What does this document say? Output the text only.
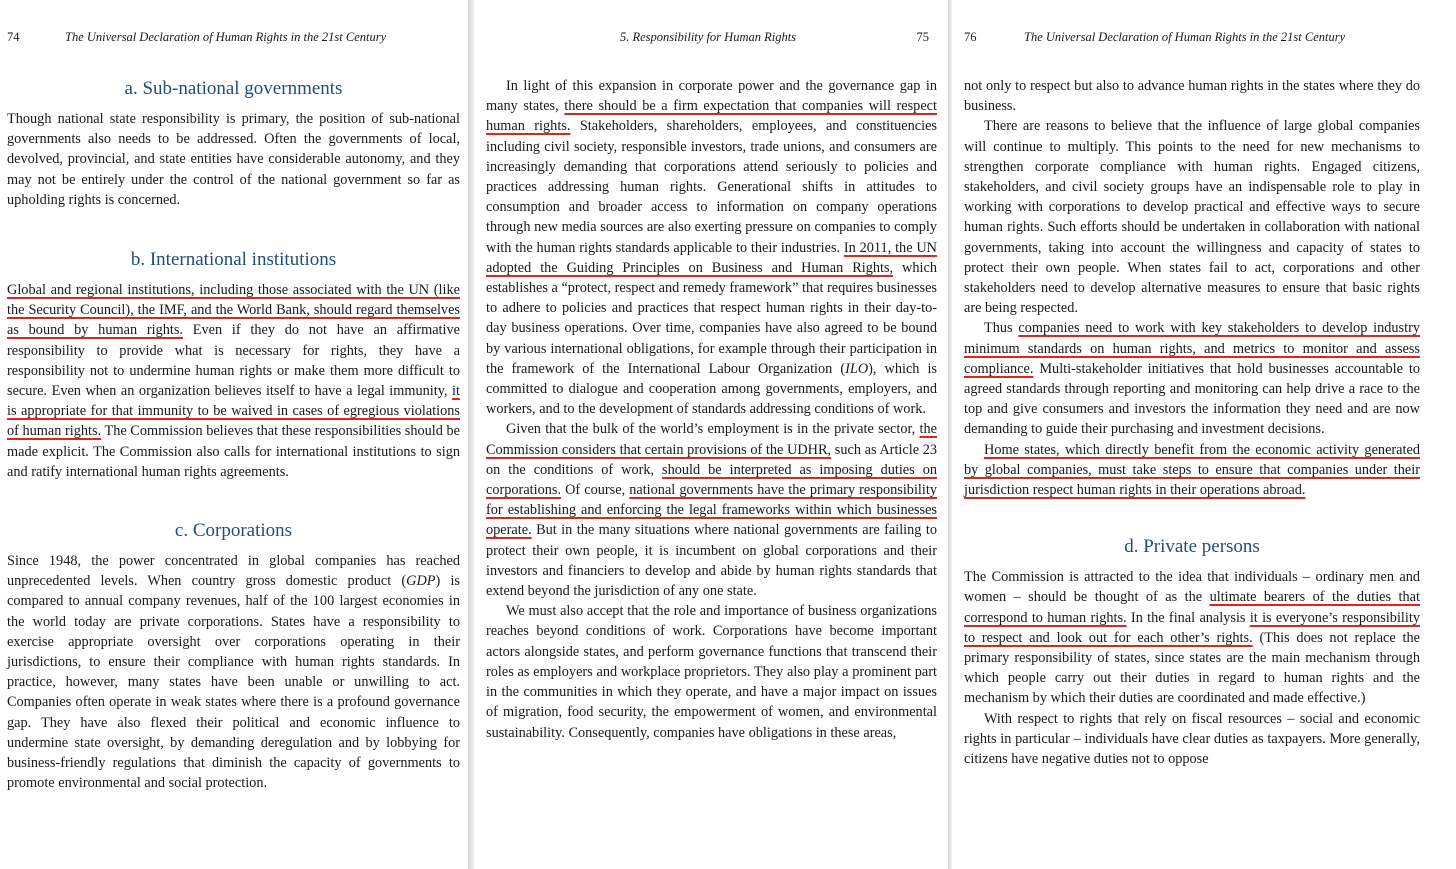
74	The Universal Declaration of Human Rights in the 21st Century
a. Sub-national governments

Though national state responsibility is primary, the position of sub-national governments also needs to be addressed. Often the governments of local, devolved, provincial, and state entities have considerable autonomy, and they may not be entirely under the control of the national government so far as upholding rights is concerned.

b. International institutions

Global and regional institutions, including those associated with the UN (like the Security Council), the IMF, and the World Bank, should regard themselves as bound by human rights. Even if they do not have an affirmative responsibility to provide what is necessary for rights, they have a responsibility not to undermine human rights or make them more difficult to secure. Even when an organization believes itself to have a legal immunity, it is appropriate for that immunity to be waived in cases of egregious violations of human rights. The Commission believes that these responsibilities should be made explicit. The Commission also calls for international institutions to sign and ratify international human rights agreements.

c. Corporations

Since 1948, the power concentrated in global companies has reached unprecedented levels. When country gross domestic product (GDP) is compared to annual company revenues, half of the 100 largest economies in the world today are private corporations. States have a responsibility to exercise appropriate oversight over corporations operating in their jurisdictions, to ensure their compliance with human rights standards. In practice, however, many states have been unable or unwilling to act. Companies often operate in weak states where there is a profound governance gap. They have also flexed their political and economic influence to undermine state oversight, by demanding deregulation and by lobbying for business-friendly regulations that diminish the capacity of governments to promote environmental and social protection.

5. Responsibility for Human Rights	75

In light of this expansion in corporate power and the governance gap in many states, there should be a firm expectation that companies will respect human rights. Stakeholders, shareholders, employees, and constituencies including civil society, responsible investors, trade unions, and consumers are increasingly demanding that corporations attend seriously to policies and practices addressing human rights. Generational shifts in attitudes to consumption and broader access to information on company operations through new media sources are also exerting pressure on companies to comply with the human rights standards applicable to their industries. In 2011, the UN adopted the Guiding Principles on Business and Human Rights, which establishes a “protect, respect and remedy framework” that requires businesses to adhere to policies and practices that respect human rights in their day-to-day business operations. Over time, companies have also agreed to be bound by various international obligations, for example through their participation in the framework of the International Labour Organization (ILO), which is committed to dialogue and cooperation among governments, employers, and workers, and to the development of standards addressing conditions of work.

Given that the bulk of the world’s employment is in the private sector, the Commission considers that certain provisions of the UDHR, such as Article 23 on the conditions of work, should be interpreted as imposing duties on corporations. Of course, national governments have the primary responsibility for establishing and enforcing the legal frameworks within which businesses operate. But in the many situations where national governments are failing to protect their own people, it is incumbent on global corporations and their investors and financiers to develop and abide by human rights standards that extend beyond the jurisdiction of any one state.

We must also accept that the role and importance of business organizations reaches beyond conditions of work. Corporations have become important actors alongside states, and perform governance functions that transcend their roles as employers and workplace proprietors. They also play a prominent part in the communities in which they operate, and have a major impact on issues of migration, food security, the empowerment of women, and environmental sustainability. Consequently, companies have obligations in these areas,

76	The Universal Declaration of Human Rights in the 21st Century

not only to respect but also to advance human rights in the states where they do business.

There are reasons to believe that the influence of large global companies will continue to multiply. This points to the need for new mechanisms to strengthen corporate compliance with human rights. Engaged citizens, stakeholders, and civil society groups have an indispensable role to play in working with corporations to develop practical and effective ways to secure human rights. Such efforts should be undertaken in collaboration with national governments, taking into account the willingness and capacity of states to protect their own people. When states fail to act, corporations and other stakeholders need to develop alternative measures to ensure that basic rights are being respected.

Thus companies need to work with key stakeholders to develop industry minimum standards on human rights, and metrics to monitor and assess compliance. Multi-stakeholder initiatives that hold businesses accountable to agreed standards through reporting and monitoring can help drive a race to the top and give consumers and investors the information they need and are now demanding to guide their purchasing and investment decisions.

Home states, which directly benefit from the economic activity generated by global companies, must take steps to ensure that companies under their jurisdiction respect human rights in their operations abroad.

d. Private persons

The Commission is attracted to the idea that individuals – ordinary men and women – should be thought of as the ultimate bearers of the duties that correspond to human rights. In the final analysis it is everyone’s responsibility to respect and look out for each other’s rights. (This does not replace the primary responsibility of states, since states are the main mechanism through which people carry out their duties in regard to human rights and the mechanism by which their duties are coordinated and made effective.)

With respect to rights that rely on fiscal resources – social and economic rights in particular – individuals have clear duties as taxpayers. More generally, citizens have negative duties not to oppose
